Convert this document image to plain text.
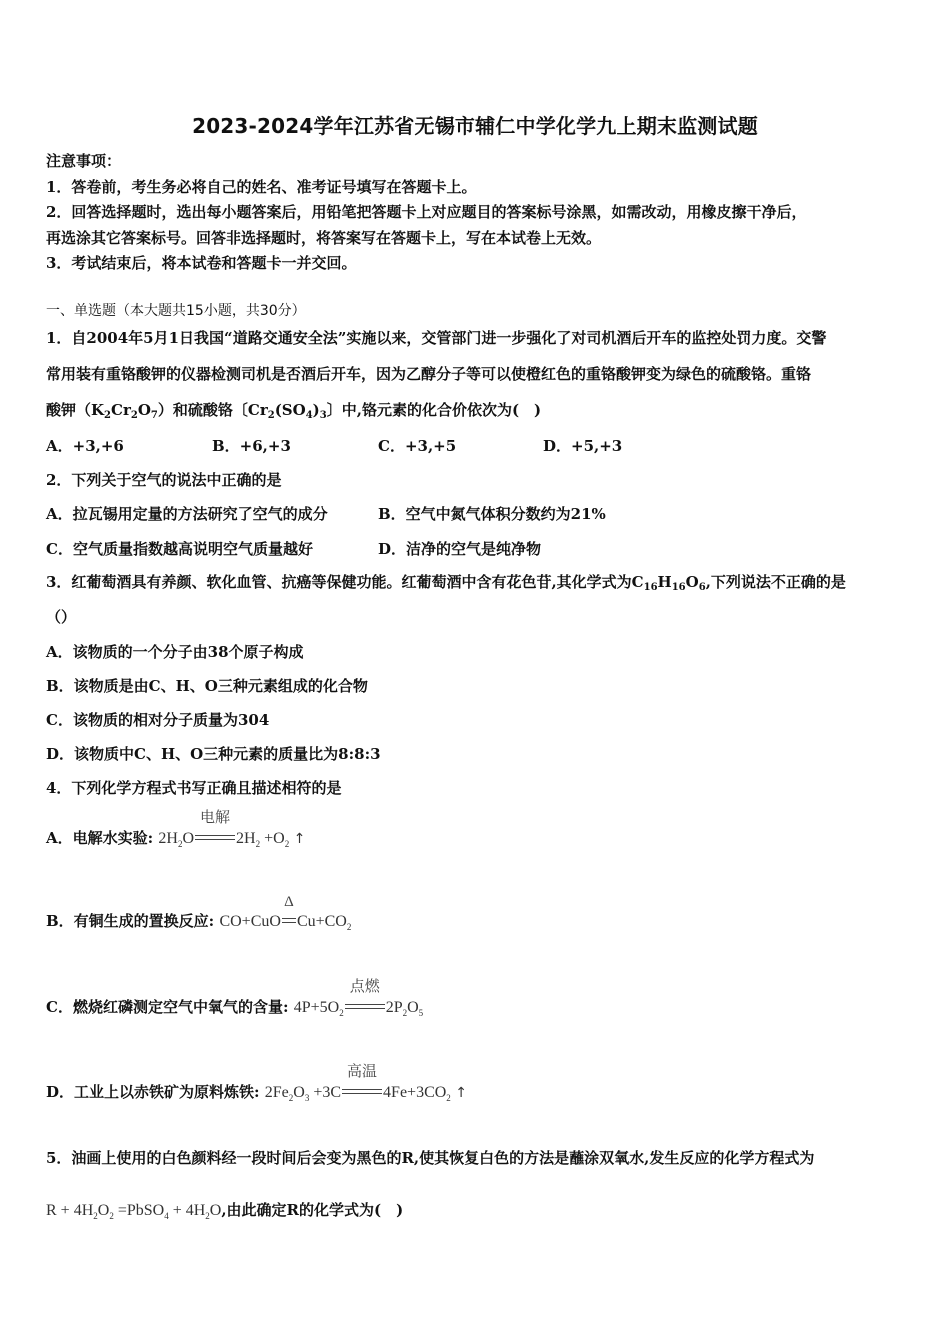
2023-2024学年江苏省无锡市辅仁中学化学九上期末监测试题
注意事项：
1．答卷前，考生务必将自己的姓名、准考证号填写在答题卡上。
2．回答选择题时，选出每小题答案后，用铅笔把答题卡上对应题目的答案标号涂黑，如需改动，用橡皮擦干净后，
再选涂其它答案标号。回答非选择题时，将答案写在答题卡上，写在本试卷上无效。
3．考试结束后，将本试卷和答题卡一并交回。
一、单选题（本大题共15小题，共30分）
1．自2004年5月1日我国“道路交通安全法”实施以来，交管部门进一步强化了对司机酒后开车的监控处罚力度。交警
常用装有重铬酸钾的仪器检测司机是否酒后开车，因为乙醇分子等可以使橙红色的重铬酸钾变为绿色的硫酸铬。重铬
酸钾$(K_2Cr_2O_7)$和硫酸铬〔$Cr_2(SO_4)_3$〕中,铬元素的化合价依次为(　)
A．+3,+6	B．+6,+3	C．+3,+5	D．+5,+3
2．下列关于空气的说法中正确的是
A．拉瓦锡用定量的方法研究了空气的成分	B．空气中氮气体积分数约为21%
C．空气质量指数越高说明空气质量越好	D．洁净的空气是纯净物
3．红葡萄酒具有养颜、软化血管、抗癌等保健功能。红葡萄酒中含有花色苷,其化学式为$C_{16}H_{16}O_6$,下列说法不正确的是
（）
A．该物质的一个分子由38个原子构成
B．该物质是由C、H、O三种元素组成的化合物
C．该物质的相对分子质量为304
D．该物质中C、H、O三种元素的质量比为8:8:3
4．下列化学方程式书写正确且描述相符的是
A．电解水实验: $2H_2O$
电解
$2H_2 +O_2$ ↑
B．有铜生成的置换反应: CO+CuO
Δ
$Cu+CO_2$
C．燃烧红磷测定空气中氧气的含量: $4P+5O_2$
点燃
$2P_2O_5$
D．工业上以赤铁矿为原料炼铁: $2Fe_2O_3 +3C$
高温
$4Fe+3CO_2$ ↑
5．油画上使用的白色颜料经一段时间后会变为黑色的R,使其恢复白色的方法是蘸涂双氧水,发生反应的化学方程式为
$R + 4H_2O_2$ =PbSO$_4$ + $4H_2O$,由此确定R的化学式为(　)
